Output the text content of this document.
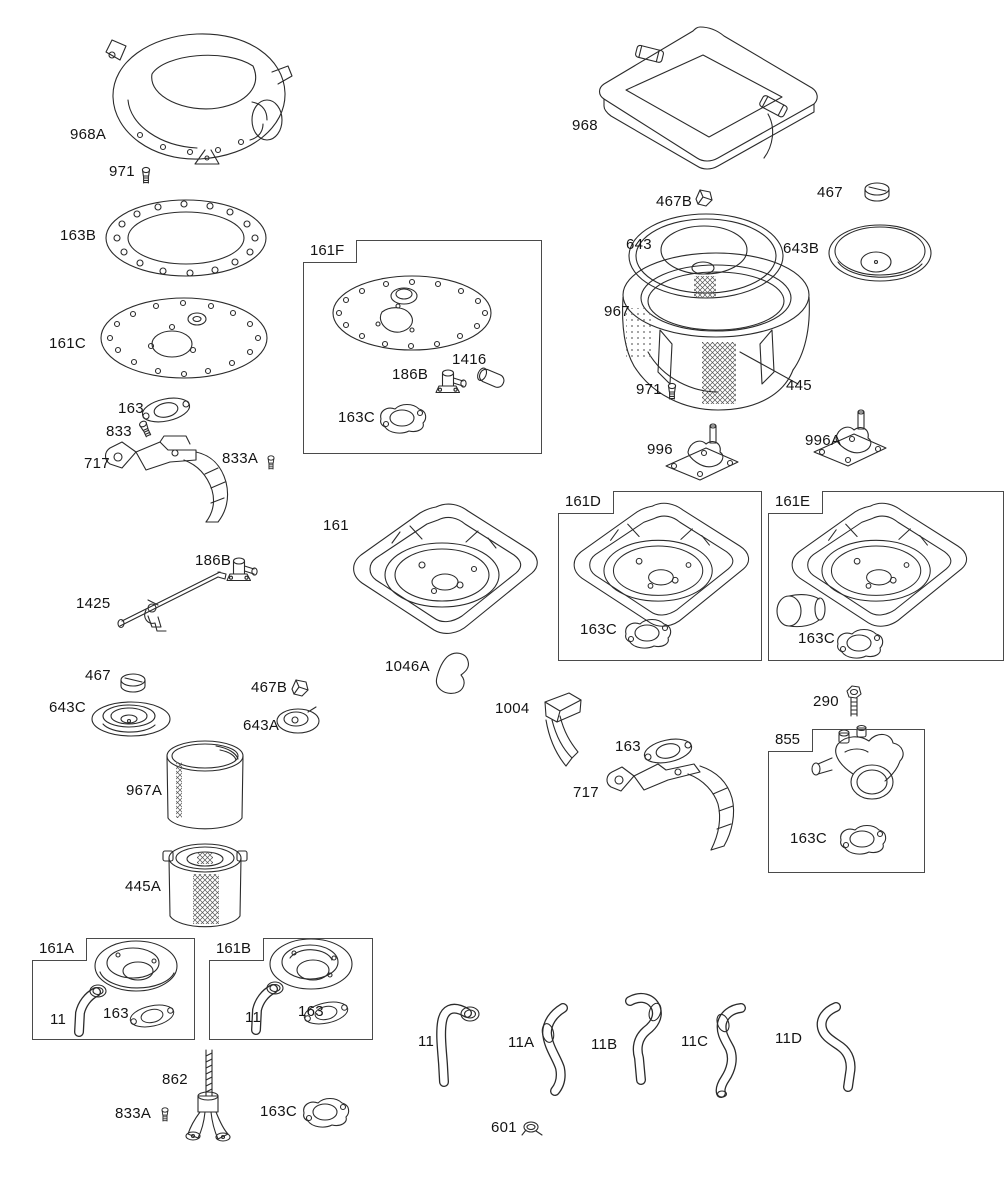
161F
161D	161E
855
161A	161B
968A
971
163B
161C
163
833
717	833A
968
467B
467
643	643B
967
971	445
996
996A
161
186B
1425
1046A
1004
163
717
290
467
643C
467B
643A
967A
445A
11	11A	11B	11C	11D
862
833A	163C
601
1416
186B
163C
163C
163C
163C
11 163	11 163
